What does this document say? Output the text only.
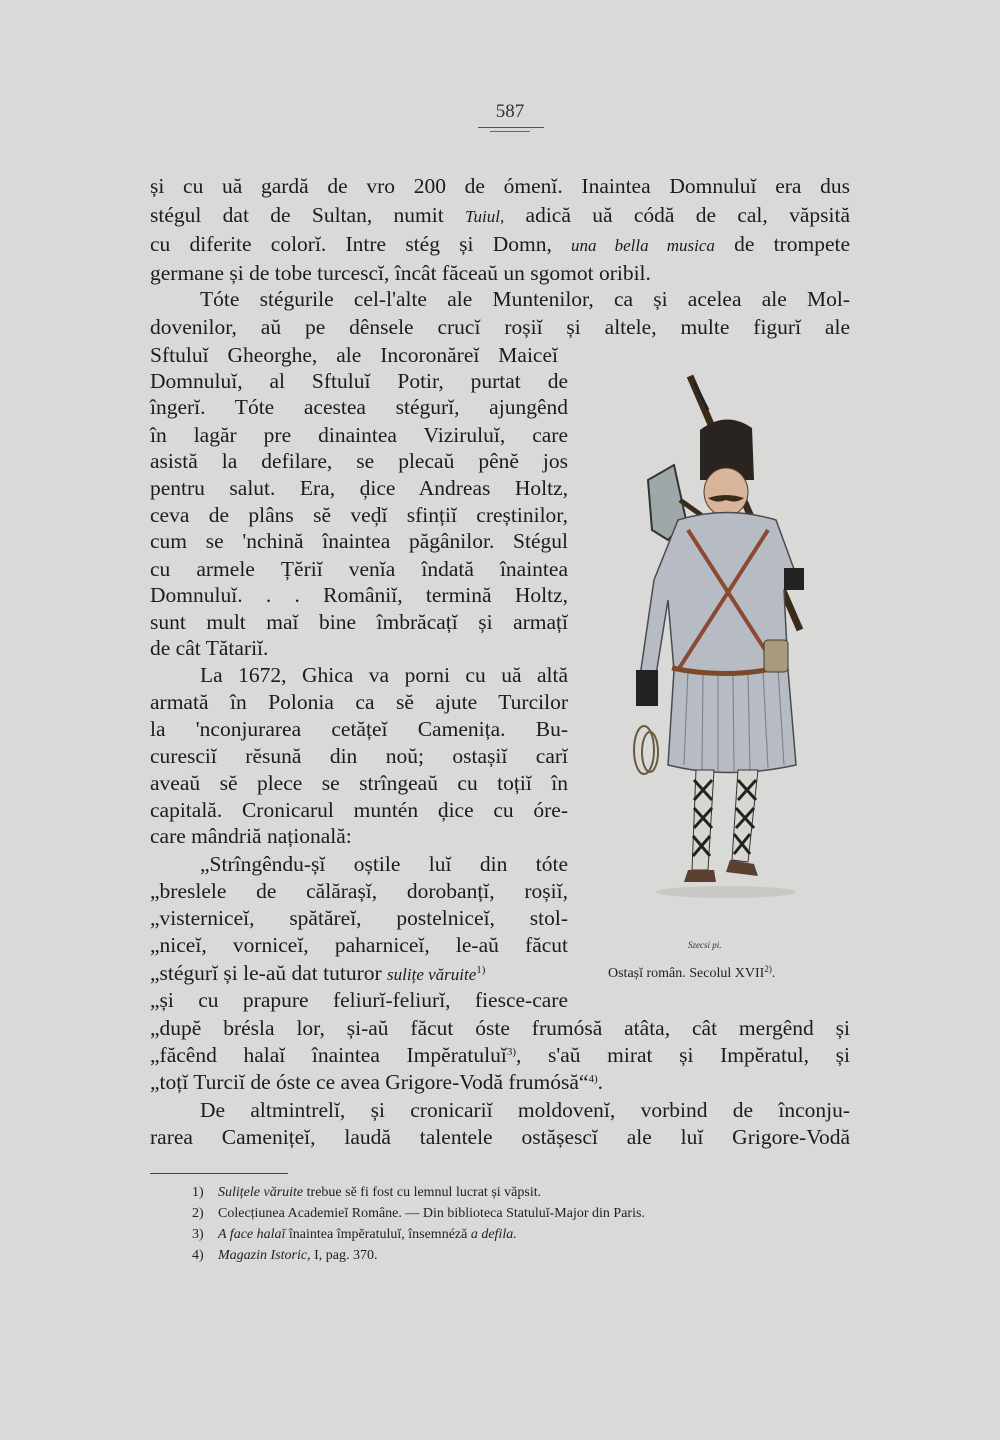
587
și cu uă gardă de vro 200 de ómenĭ. Inaintea Domnuluĭ era dus
stégul dat de Sultan, numit Tuiul, adică uă códă de cal, văpsită
cu diferite colorĭ. Intre stég și Domn, una bella musica de trompete
germane și de tobe turcescĭ, încât făceaŭ un sgomot oribil.
Tóte stégurile cel-l'alte ale Muntenilor, ca și acelea ale Mol-
dovenilor, aŭ pe dênsele crucĭ roșiĭ și altele, multe figurĭ ale
Sftuluĭ Gheorghe, ale Incoronăreĭ Maiceĭ
Domnuluĭ, al Sftuluĭ Potir, purtat de
îngerĭ. Tóte acestea stégurĭ, ajungênd
în lagăr pre dinaintea Viziruluĭ, care
asistă la defilare, se plecaŭ pênĕ jos
pentru salut. Era, ḑice Andreas Holtz,
ceva de plâns sĕ veḑĭ sfințiĭ creștinilor,
cum se 'nchină înaintea păgânilor. Stégul
cu armele Țĕriĭ venĭa îndată înaintea
Domnuluĭ. . . Româniĭ, termină Holtz,
sunt mult maĭ bine îmbrăcațĭ și armațĭ
de cât Tătariĭ.
La 1672, Ghica va porni cu uă altă
armată în Polonia ca sĕ ajute Turcilor
la 'nconjurarea cetățeĭ Camenița. Bu-
curesciĭ rĕsună din noŭ; ostașiĭ carĭ
aveaŭ sĕ plece se strîngeaŭ cu toțiĭ în
capitală. Cronicarul muntén ḑice cu óre-
care mândriă națională:
„Strîngêndu-șĭ oștile luĭ din tóte
„breslele de călărașĭ, dorobanțĭ, roșiĭ,
„visterniceĭ, spătăreĭ, postelniceĭ, stol-
„niceĭ, vorniceĭ, paharniceĭ, le-aŭ făcut
„stégurĭ și le-aŭ dat tuturor sulițe văruite$^{1)}$
„și cu prapure feliurĭ-feliurĭ, fiesce-care
„dupĕ brésla lor, și-aŭ făcut óste frumósă atâta, cât mergênd și
„făcênd halaĭ înaintea Impĕratuluĭ$^{3)}$, s'aŭ mirat și Impĕratul, și
„toțĭ Turciĭ de óste ce avea Grigore-Vodă frumósă“$^{4)}$.
De altmintrelĭ, și cronicariĭ moldovenĭ, vorbind de înconju-
rarea Camenițeĭ, laudă talentele ostășescĭ ale luĭ Grigore-Vodă
Szecsi pi.
Ostașĭ român. Secolul XVII$^{2)}$.
1) Sulițele văruite trebue sĕ fi fost cu lemnul lucrat și văpsit.
2) Colecțiunea Academieĭ Române. — Din biblioteca Statuluĭ-Major din Paris.
3) A face halaĭ înaintea împĕratuluĭ, însemnéză a defila.
4) Magazin Istoric, I, pag. 370.
